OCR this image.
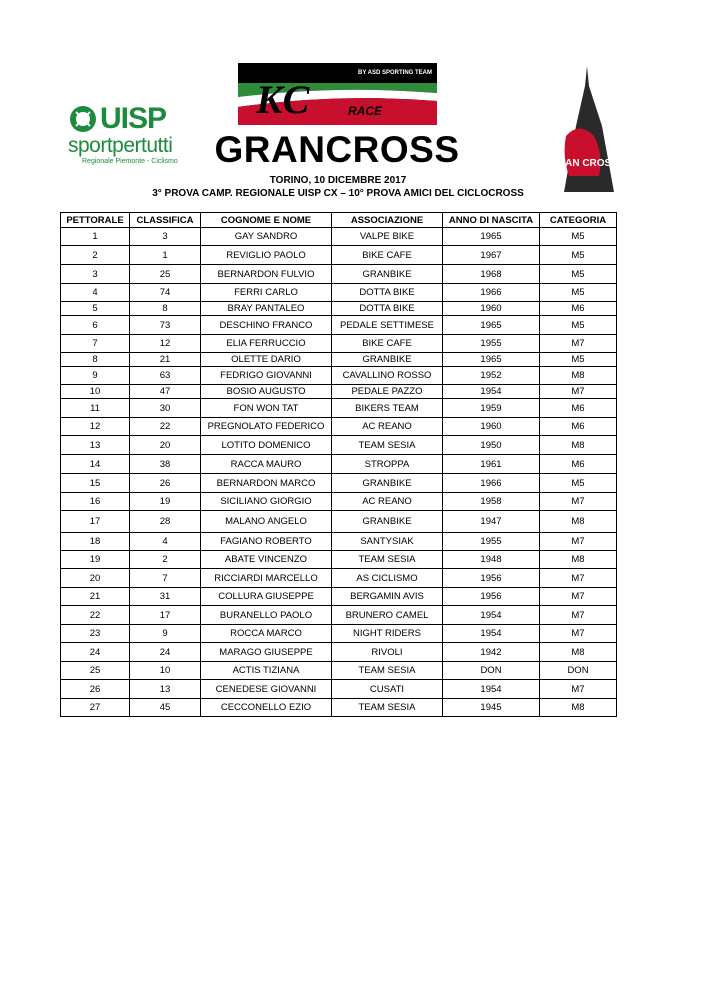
UISP
sportpertutti
Regionale Piemonte - Ciclismo
BY ASD SPORTING TEAM
KC	RACE
GRANCROSS
TORINO, 10 DICEMBRE 2017
3° PROVA CAMP. REGIONALE UISP CX – 10° PROVA AMICI DEL CICLOCROSS
GRAN CROSS
PETTORALE	CLASSIFICA	COGNOME E NOME	ASSOCIAZIONE	ANNO DI NASCITA	CATEGORIA
1	3	GAY SANDRO	VALPE BIKE	1965	M5
2	1	REVIGLIO PAOLO	BIKE CAFE	1967	M5
3	25	BERNARDON FULVIO	GRANBIKE	1968	M5
4	74	FERRI CARLO	DOTTA BIKE	1966	M5
5	8	BRAY PANTALEO	DOTTA BIKE	1960	M6
6	73	DESCHINO FRANCO	PEDALE SETTIMESE	1965	M5
7	12	ELIA FERRUCCIO	BIKE CAFE	1955	M7
8	21	OLETTE DARIO	GRANBIKE	1965	M5
9	63	FEDRIGO GIOVANNI	CAVALLINO ROSSO	1952	M8
10	47	BOSIO AUGUSTO	PEDALE PAZZO	1954	M7
11	30	FON WON TAT	BIKERS TEAM	1959	M6
12	22	PREGNOLATO FEDERICO	AC REANO	1960	M6
13	20	LOTITO DOMENICO	TEAM SESIA	1950	M8
14	38	RACCA MAURO	STROPPA	1961	M6
15	26	BERNARDON MARCO	GRANBIKE	1966	M5
16	19	SICILIANO GIORGIO	AC REANO	1958	M7
17	28	MALANO ANGELO	GRANBIKE	1947	M8
18	4	FAGIANO ROBERTO	SANTYSIAK	1955	M7
19	2	ABATE VINCENZO	TEAM SESIA	1948	M8
20	7	RICCIARDI MARCELLO	AS CICLISMO	1956	M7
21	31	COLLURA GIUSEPPE	BERGAMIN AVIS	1956	M7
22	17	BURANELLO PAOLO	BRUNERO CAMEL	1954	M7
23	9	ROCCA MARCO	NIGHT RIDERS	1954	M7
24	24	MARAGO GIUSEPPE	RIVOLI	1942	M8
25	10	ACTIS TIZIANA	TEAM SESIA	DON	DON
26	13	CENEDESE GIOVANNI	CUSATI	1954	M7
27	45	CECCONELLO EZIO	TEAM SESIA	1945	M8
